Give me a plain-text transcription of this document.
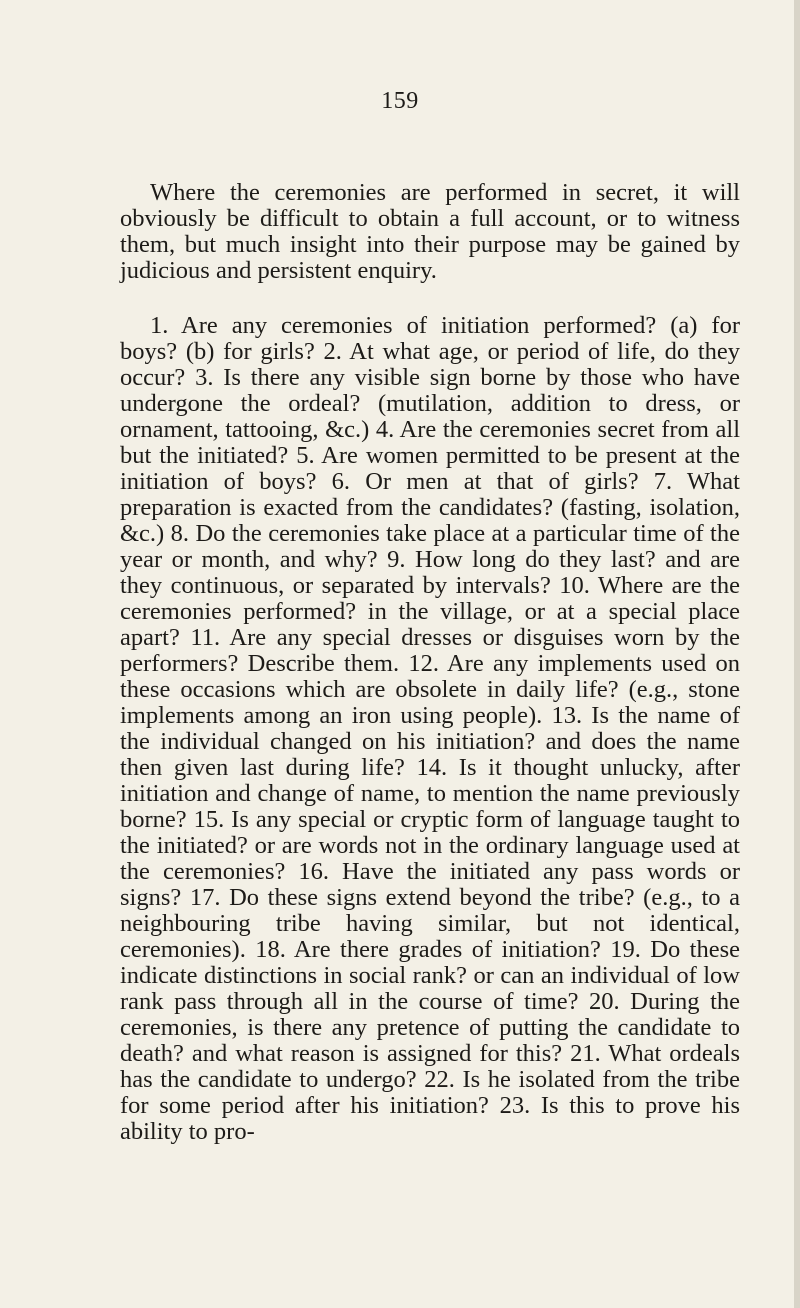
159

Where the ceremonies are performed in secret, it will obviously be difficult to obtain a full account, or to witness them, but much insight into their purpose may be gained by judicious and persistent enquiry.

1. Are any ceremonies of initiation performed? (a) for boys? (b) for girls? 2. At what age, or period of life, do they occur? 3. Is there any visible sign borne by those who have undergone the ordeal? (mutilation, addition to dress, or ornament, tattooing, &c.) 4. Are the ceremonies secret from all but the initiated? 5. Are women permitted to be present at the initiation of boys? 6. Or men at that of girls? 7. What preparation is exacted from the candidates? (fasting, isolation, &c.) 8. Do the ceremonies take place at a particular time of the year or month, and why? 9. How long do they last? and are they continuous, or separated by intervals? 10. Where are the ceremonies performed? in the village, or at a special place apart? 11. Are any special dresses or disguises worn by the performers? Describe them. 12. Are any implements used on these occasions which are obsolete in daily life? (e.g., stone implements among an iron using people). 13. Is the name of the individual changed on his initiation? and does the name then given last during life? 14. Is it thought unlucky, after initiation and change of name, to mention the name previously borne? 15. Is any special or cryptic form of language taught to the initiated? or are words not in the ordinary language used at the ceremonies? 16. Have the initiated any pass words or signs? 17. Do these signs extend beyond the tribe? (e.g., to a neighbouring tribe having similar, but not identical, ceremonies). 18. Are there grades of initiation? 19. Do these indicate distinctions in social rank? or can an individual of low rank pass through all in the course of time? 20. During the ceremonies, is there any pretence of putting the candidate to death? and what reason is assigned for this? 21. What ordeals has the candidate to undergo? 22. Is he isolated from the tribe for some period after his initiation? 23. Is this to prove his ability to pro-
